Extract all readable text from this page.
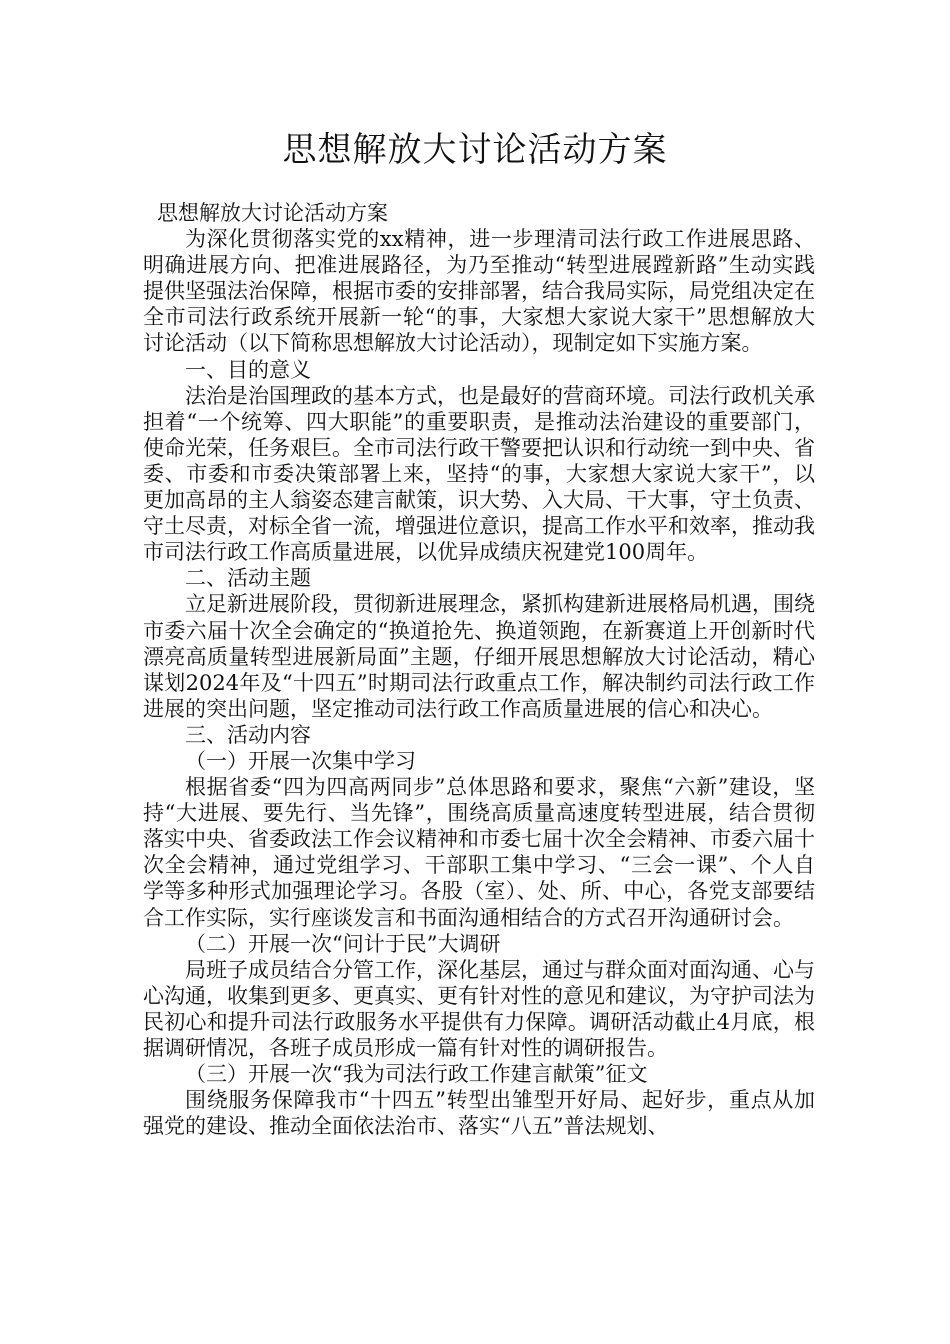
思想解放大讨论活动方案

思想解放大讨论活动方案

为深化贯彻落实党的xx精神，进一步理清司法行政工作进展思路、明确进展方向、把准进展路径，为乃至推动“转型进展蹚新路”生动实践提供坚强法治保障，根据市委的安排部署，结合我局实际，局党组决定在全市司法行政系统开展新一轮“的事，大家想大家说大家干”思想解放大讨论活动（以下简称思想解放大讨论活动），现制定如下实施方案。

一、目的意义

法治是治国理政的基本方式，也是最好的营商环境。司法行政机关承担着“一个统筹、四大职能”的重要职责，是推动法治建设的重要部门，使命光荣，任务艰巨。全市司法行政干警要把认识和行动统一到中央、省委、市委和市委决策部署上来，坚持“的事，大家想大家说大家干”，以更加高昂的主人翁姿态建言献策，识大势、入大局、干大事，守土负责、守土尽责，对标全省一流，增强进位意识，提高工作水平和效率，推动我市司法行政工作高质量进展，以优异成绩庆祝建党100周年。

二、活动主题

立足新进展阶段，贯彻新进展理念，紧抓构建新进展格局机遇，围绕市委六届十次全会确定的“换道抢先、换道领跑，在新赛道上开创新时代漂亮高质量转型进展新局面”主题，仔细开展思想解放大讨论活动，精心谋划2024年及“十四五”时期司法行政重点工作，解决制约司法行政工作进展的突出问题，坚定推动司法行政工作高质量进展的信心和决心。

三、活动内容

（一）开展一次集中学习

根据省委“四为四高两同步”总体思路和要求，聚焦“六新”建设，坚持“大进展、要先行、当先锋”，围绕高质量高速度转型进展，结合贯彻落实中央、省委政法工作会议精神和市委七届十次全会精神、市委六届十次全会精神，通过党组学习、干部职工集中学习、“三会一课”、个人自学等多种形式加强理论学习。各股（室）、处、所、中心，各党支部要结合工作实际，实行座谈发言和书面沟通相结合的方式召开沟通研讨会。

（二）开展一次“问计于民”大调研

局班子成员结合分管工作，深化基层，通过与群众面对面沟通、心与心沟通，收集到更多、更真实、更有针对性的意见和建议，为守护司法为民初心和提升司法行政服务水平提供有力保障。调研活动截止4月底，根据调研情况，各班子成员形成一篇有针对性的调研报告。

（三）开展一次“我为司法行政工作建言献策”征文

围绕服务保障我市“十四五”转型出雏型开好局、起好步，重点从加强党的建设、推动全面依法治市、落实“八五”普法规划、
